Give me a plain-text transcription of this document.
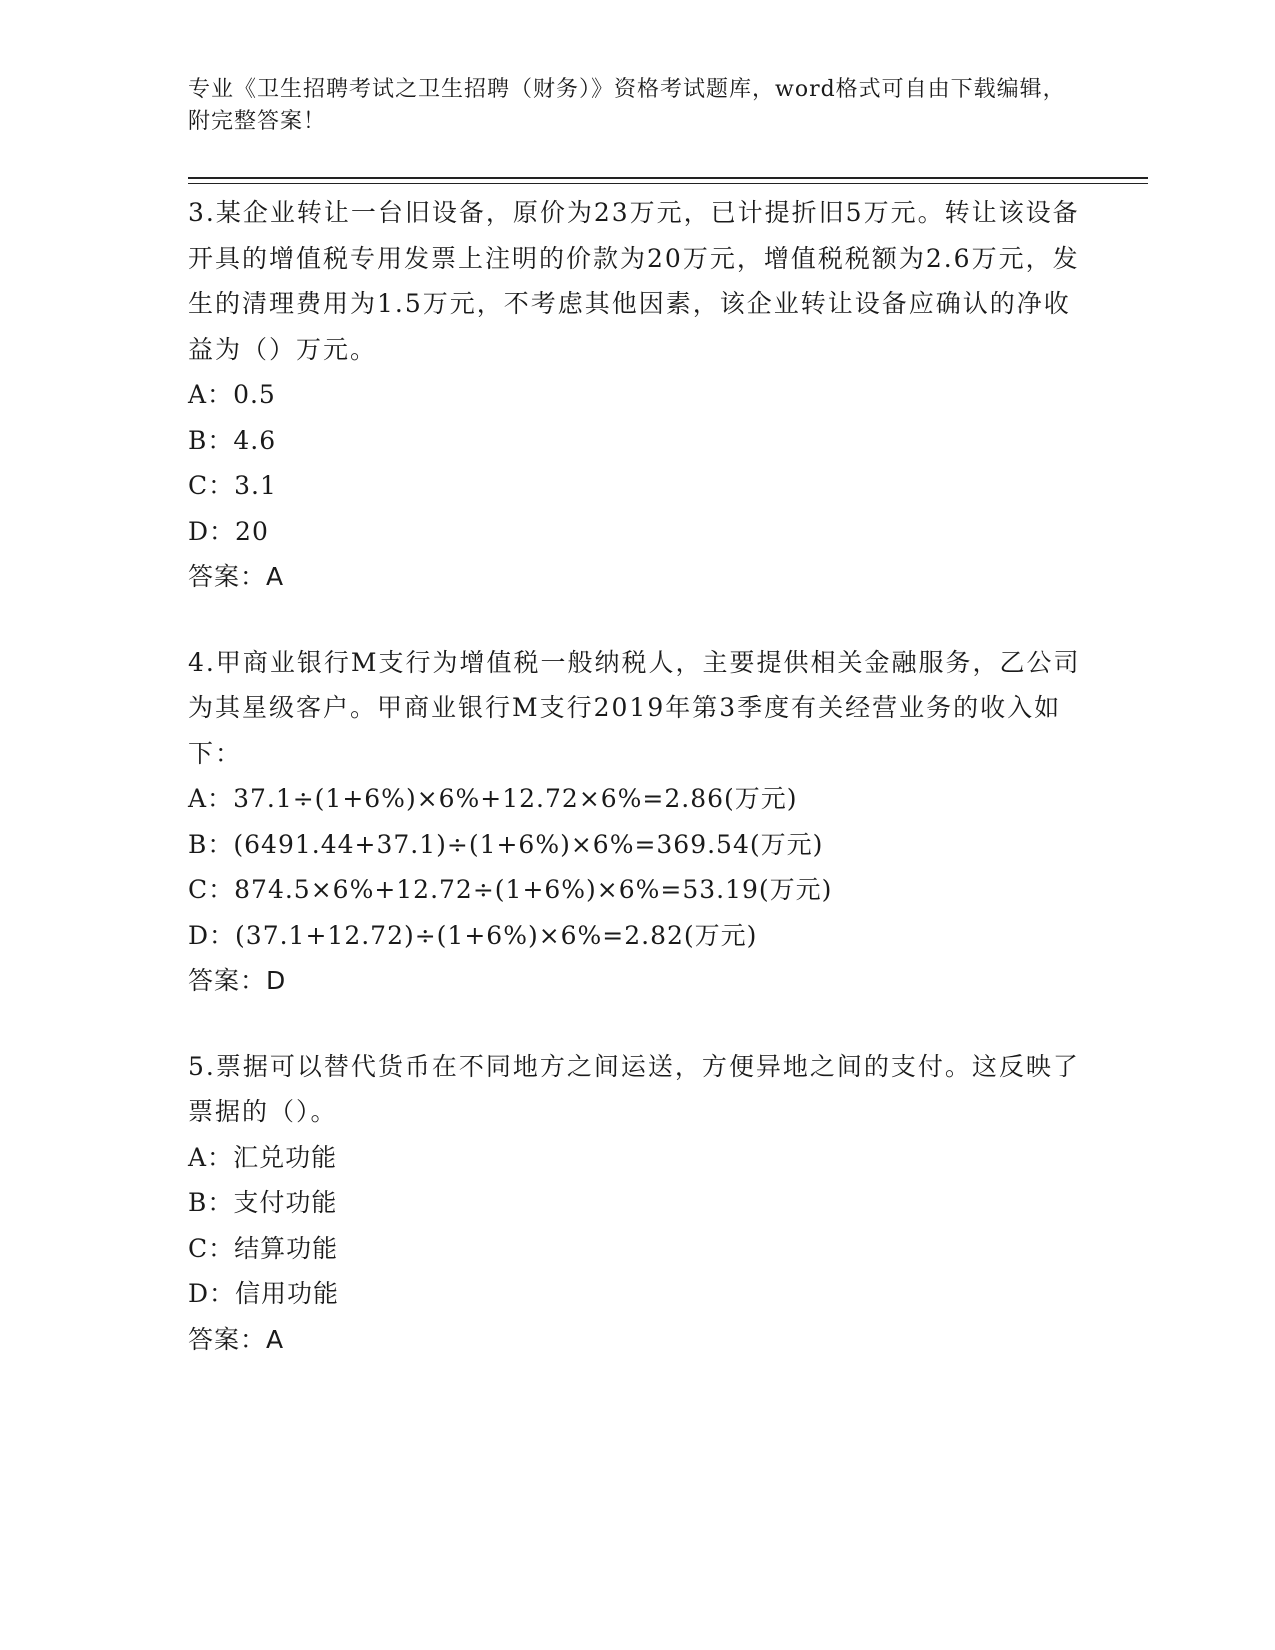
专业《卫生招聘考试之卫生招聘（财务）》资格考试题库，word格式可自由下载编辑，附完整答案！

3.某企业转让一台旧设备，原价为23万元，已计提折旧5万元。转让该设备开具的增值税专用发票上注明的价款为20万元，增值税税额为2.6万元，发生的清理费用为1.5万元，不考虑其他因素，该企业转让设备应确认的净收益为（）万元。

A：0.5

B：4.6

C：3.1

D：20

答案：A

4.甲商业银行M支行为增值税一般纳税人，主要提供相关金融服务，乙公司为其星级客户。甲商业银行M支行2019年第3季度有关经营业务的收入如下：

A：37.1÷(1+6%)×6%+12.72×6%=2.86(万元)

B：(6491.44+37.1)÷(1+6%)×6%=369.54(万元)

C：874.5×6%+12.72÷(1+6%)×6%=53.19(万元)

D：(37.1+12.72)÷(1+6%)×6%=2.82(万元)

答案：D

5.票据可以替代货币在不同地方之间运送，方便异地之间的支付。这反映了票据的（）。

A：汇兑功能

B：支付功能

C：结算功能

D：信用功能

答案：A
